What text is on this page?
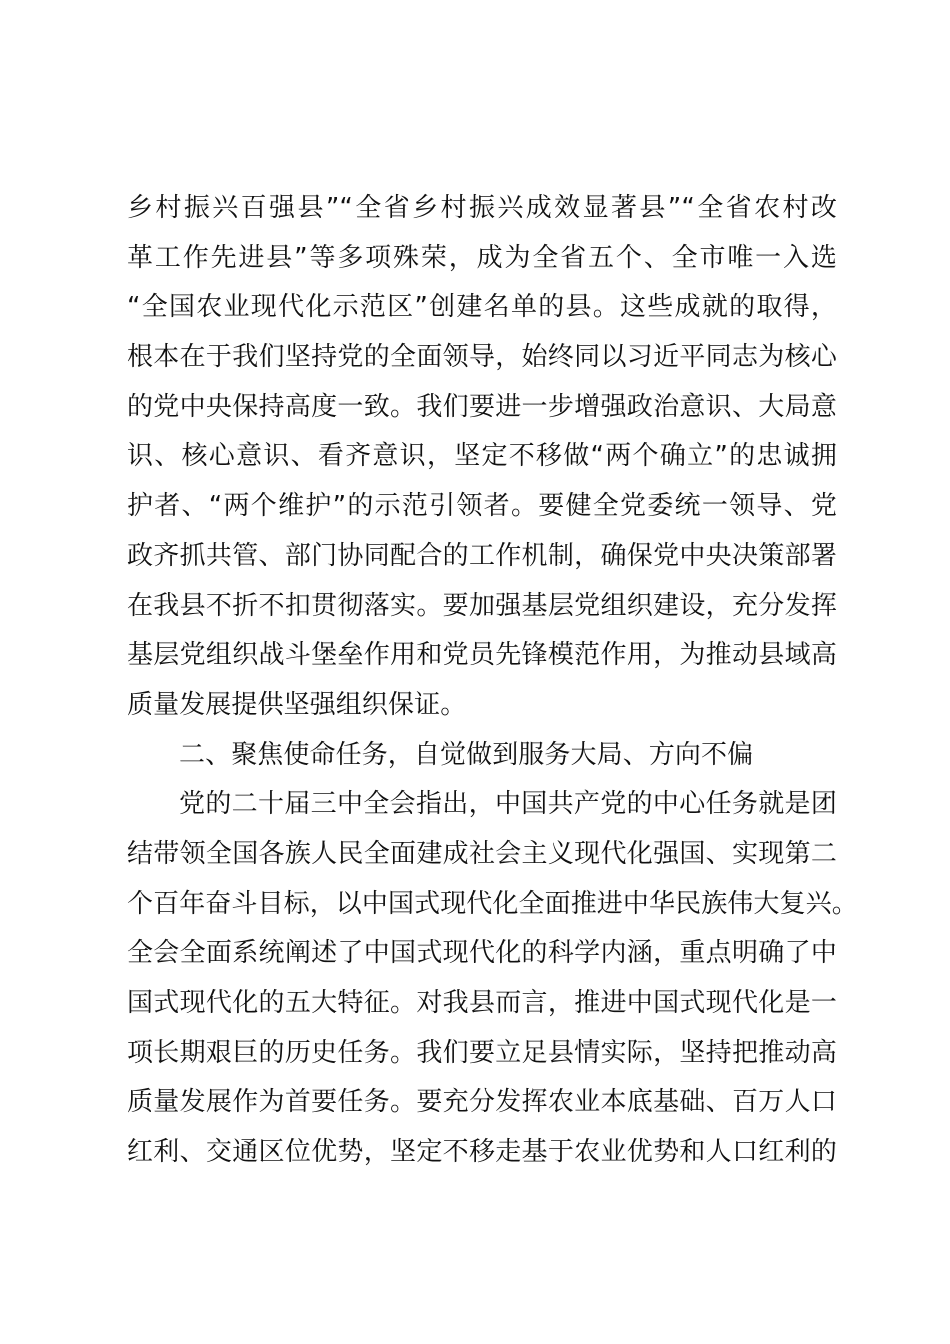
乡村振兴百强县”“全省乡村振兴成效显著县”“全省农村改
革工作先进县”等多项殊荣，成为全省五个、全市唯一入选
“全国农业现代化示范区”创建名单的县。这些成就的取得，
根本在于我们坚持党的全面领导，始终同以习近平同志为核心
的党中央保持高度一致。我们要进一步增强政治意识、大局意
识、核心意识、看齐意识，坚定不移做“两个确立”的忠诚拥
护者、“两个维护”的示范引领者。要健全党委统一领导、党
政齐抓共管、部门协同配合的工作机制，确保党中央决策部署
在我县不折不扣贯彻落实。要加强基层党组织建设，充分发挥
基层党组织战斗堡垒作用和党员先锋模范作用，为推动县域高
质量发展提供坚强组织保证。
二、聚焦使命任务，自觉做到服务大局、方向不偏
党的二十届三中全会指出，中国共产党的中心任务就是团
结带领全国各族人民全面建成社会主义现代化强国、实现第二
个百年奋斗目标，以中国式现代化全面推进中华民族伟大复兴。
全会全面系统阐述了中国式现代化的科学内涵，重点明确了中
国式现代化的五大特征。对我县而言，推进中国式现代化是一
项长期艰巨的历史任务。我们要立足县情实际，坚持把推动高
质量发展作为首要任务。要充分发挥农业本底基础、百万人口
红利、交通区位优势，坚定不移走基于农业优势和人口红利的
